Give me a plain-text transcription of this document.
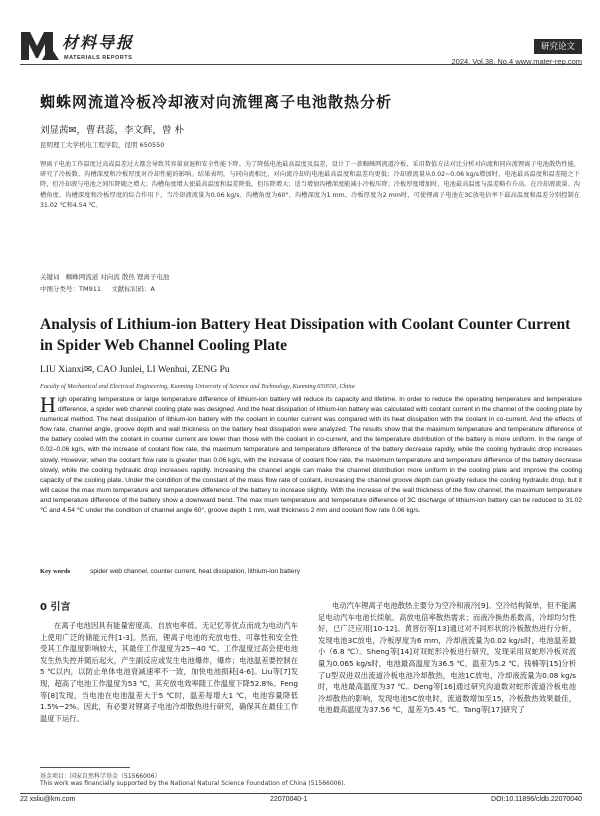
材料导报
MATERIALS REPORTS
研究论文
2024, Vol.38, No.4 www.mater-rep.com
蜘蛛网流道冷板冷却液对向流锂离子电池散热分析
刘显茜✉，曹君蕊，李文辉，曾 朴
昆明理工大学机电工程学院，昆明 650550
锂离子电池工作温度过高或温差过大都会导致其容量衰退和安全性能下降。为了降低电池最高温度及温差，设计了一款蜘蛛网流道冷板，采用数值方法对比分析对向流和同向流锂离子电池散热性能，研究了冷板数、沟槽深度和冷板厚度对冷却性能的影响。结果表明，与同向流相比，对向流冷却的电池最高温度和温差均更低；冷却液流量从0.02~0.06 kg/s增加时，电池最高温度和温差随之下降，但冷却液与电池之间压降随之增大；沟槽角度增大使最高温度和温差降低，但压降增大；适当增加沟槽深度能减小冷板压降；冷板厚度增加时，电池最高温度与温差略有升高。在冷却液流量、沟槽角度、沟槽深度和冷板厚度的综合作用下，当冷却液流量为0.06 kg/s、沟槽角度为60°、沟槽深度为1 mm、冷板厚度为2 mm时，可使锂离子电池在3C放电倍率下最高温度和温差分别控制在31.02 ℃和4.54 ℃。
关键词 蜘蛛网流道 对向流 散热 锂离子电池
中图分类号：TM911 文献标识码：A
Analysis of Lithium-ion Battery Heat Dissipation with Coolant Counter Current in Spider Web Channel Cooling Plate
LIU Xianxi✉, CAO Junlei, LI Wenhui, ZENG Pu
Faculty of Mechanical and Electrical Engineering, Kunming University of Science and Technology, Kunming 650550, China
High operating temperature or large temperature difference of lithium-ion battery will reduce its capacity and lifetime. In order to reduce the operating temperature and temperature difference, a spider web channel cooling plate was designed. And the heat dissipation of lithium-ion battery was calculated with coolant current in the channel of the cooling plate by numerical method. The heat dissipation of lithium-ion battery with the coolant in counter current was compared with its heat dissipation with the coolant in co-current. And the effects of flow rate, channel angle, groove depth and wall thickness on the battery heat dissipation were analyzed. The results show that the maximum temperature and temperature difference of the battery cooled with the coolant in counter current are lower than those with the coolant in co-current, and the temperature distribution of the battery is more uniform. In the range of 0.02–0.06 kg/s, with the increase of coolant flow rate, the maximum temperature and temperature difference of the battery decrease rapidly, while the cooling hydraulic drop increases slowly. However, when the coolant flow rate is greater than 0.06 kg/s, with the increase of coolant flow rate, the maximum temperature and temperature difference of the battery decrease slowly, while the cooling hydraulic drop increases rapidly. Increasing the channel angle can make the channel distribution more uniform in the cooling plate and improve the cooling capacity of the cooling plate. Under the condition of the constant of the mass flow rate of coolant, increasing the channel groove depth can greatly reduce the cooling hydraulic drop, but it will cause the max mum temperature and temperature difference of the battery to increase slightly. With the increase of the wall thickness of the flow channel, the maximum temperature and temperature difference of the battery show a downward trend. The max mum temperature and temperature difference of 3C discharge of lithium-ion battery can be reduced to 31.02 ℃ and 4.54 ℃ under the condition of channel angle 60°, groove depth 1 mm, wall thickness 2 mm and coolant flow rate 0.06 kg/s.
Key words	spider web channel, counter current, heat dissipation, lithium-ion battery
0 引言

在离子电池因具有能量密度高、自放电率低、无记忆等优点而成为电动汽车上使用广泛的储能元件[1-3]。然而，锂离子电池的充放电性、可靠性和安全性受其工作温度影响较大，其最佳工作温度为25~40 ℃。工作温度过高会使电池发生热失控并随后起火，产生副反应或发生电池爆炸，爆炸；电池温差要控制在5 ℃以内，以防止单体电池衰减速率不一致，加快电池损耗[4-6]。Liu等[7]发现，超高了电池工作温度为53 ℃，其充放电效率随工作温度下降52.8%。Feng等[8]发现，当电池在电池温差大于5 ℃时，温差每增大1 ℃，电池容量降低1.5%~2%。因此，有必要对锂离子电池冷却散热进行研究，确保其在最佳工作温度下运行。

电动汽车锂离子电池散热主要分为空冷和液冷[9]。空冷结构简单，但不能满足电动汽车电池长续航、高放电倍率散热需求；而液冷换热系数高，冷却均匀性好，已广泛应用[10-12]。黄晋衍等[13]通过对不同形状的冷板散热进行分析，发现电池3C放电，冷板厚度为6 mm，冷却液流量为0.02 kg/s时，电池温差最小（6.8 ℃）。Sheng等[14]对双蛇形冷板进行研究，发现采用双蛇形冷板对流量为0.065 kg/s时，电池最高温度为36.5 ℃，温差为5.2 ℃。钱楠等[15]分析了U型双进双出流道冷板电池冷却散热，电池1C放电，冷却液流量为0.08 kg/s时，电池最高温度为37 ℃。Deng等[16]通过研究沟道数对蛇形流道冷板电池冷却散热的影响，发现电池5C放电时，流道数增加至15，冷板散热效果最佳，电池最高温度为37.56 ℃，温差为5.45 ℃。Tang等[17]研究了

基金项目：国家自然科学基金（51566006）
This work was financially supported by the National Natural Science Foundation of China (51566006).
22 xsliu@km.com	22070040-1	DOI:10.11896/cldb.22070040
